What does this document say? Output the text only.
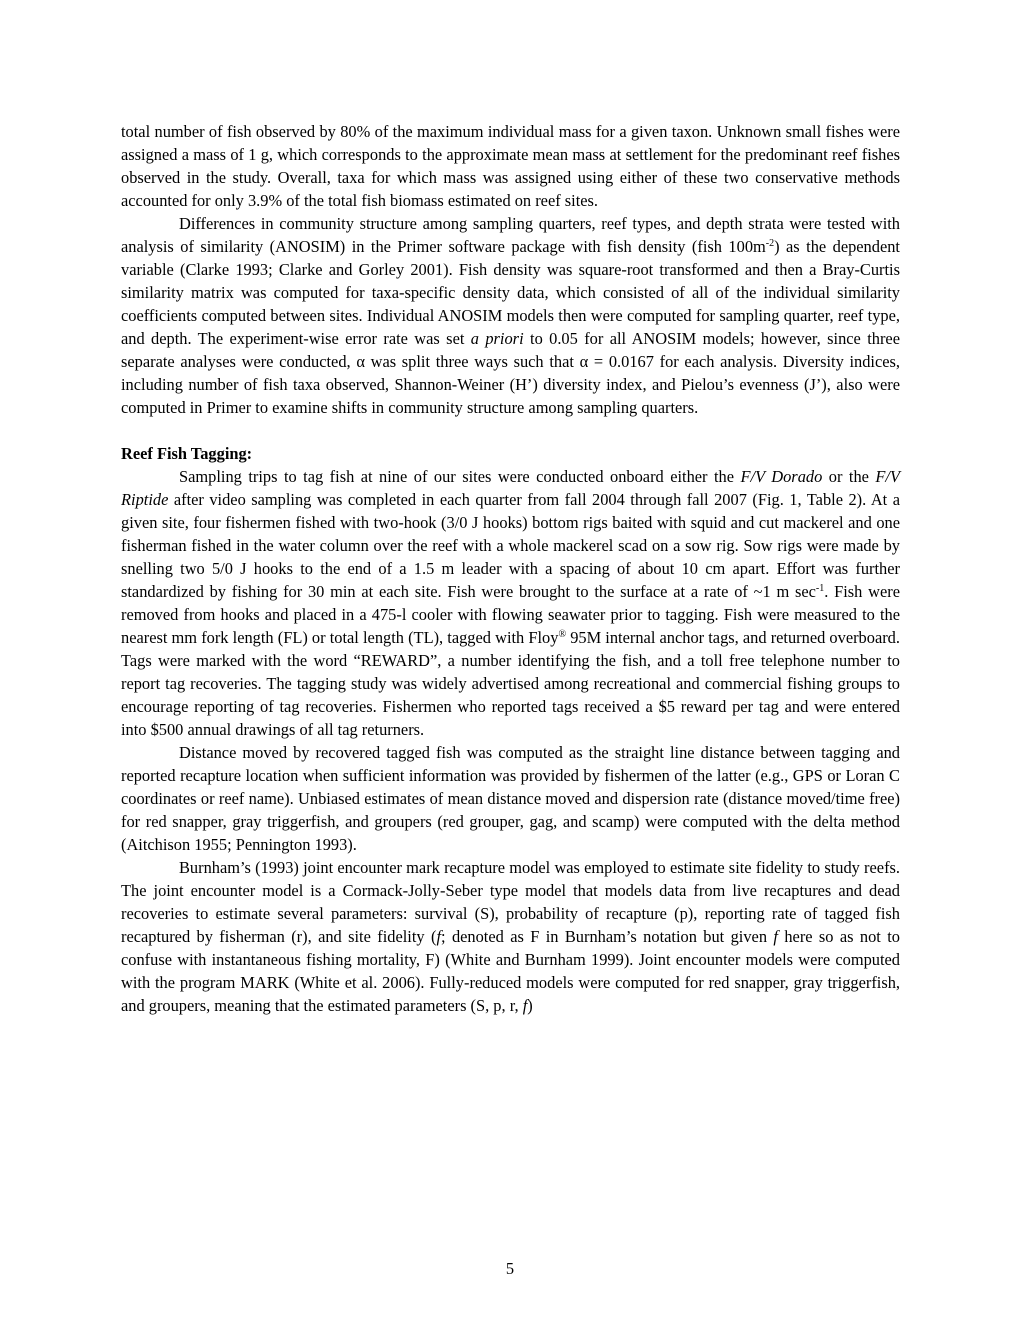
total number of fish observed by 80% of the maximum individual mass for a given taxon. Unknown small fishes were assigned a mass of 1 g, which corresponds to the approximate mean mass at settlement for the predominant reef fishes observed in the study. Overall, taxa for which mass was assigned using either of these two conservative methods accounted for only 3.9% of the total fish biomass estimated on reef sites.

Differences in community structure among sampling quarters, reef types, and depth strata were tested with analysis of similarity (ANOSIM) in the Primer software package with fish density (fish $100m^{-2}$) as the dependent variable (Clarke 1993; Clarke and Gorley 2001). Fish density was square-root transformed and then a Bray-Curtis similarity matrix was computed for taxa-specific density data, which consisted of all of the individual similarity coefficients computed between sites. Individual ANOSIM models then were computed for sampling quarter, reef type, and depth. The experiment-wise error rate was set a priori to 0.05 for all ANOSIM models; however, since three separate analyses were conducted, α was split three ways such that α = 0.0167 for each analysis. Diversity indices, including number of fish taxa observed, Shannon-Weiner (H’) diversity index, and Pielou’s evenness (J’), also were computed in Primer to examine shifts in community structure among sampling quarters.

Reef Fish Tagging:

Sampling trips to tag fish at nine of our sites were conducted onboard either the F/V Dorado or the F/V Riptide after video sampling was completed in each quarter from fall 2004 through fall 2007 (Fig. 1, Table 2). At a given site, four fishermen fished with two-hook (3/0 J hooks) bottom rigs baited with squid and cut mackerel and one fisherman fished in the water column over the reef with a whole mackerel scad on a sow rig. Sow rigs were made by snelling two 5/0 J hooks to the end of a 1.5 m leader with a spacing of about 10 cm apart. Effort was further standardized by fishing for 30 min at each site. Fish were brought to the surface at a rate of ~1 m $\sec^{-1}$. Fish were removed from hooks and placed in a 475-l cooler with flowing seawater prior to tagging. Fish were measured to the nearest mm fork length (FL) or total length (TL), tagged with Floy® 95M internal anchor tags, and returned overboard. Tags were marked with the word “REWARD”, a number identifying the fish, and a toll free telephone number to report tag recoveries. The tagging study was widely advertised among recreational and commercial fishing groups to encourage reporting of tag recoveries. Fishermen who reported tags received a $5 reward per tag and were entered into $500 annual drawings of all tag returners.

Distance moved by recovered tagged fish was computed as the straight line distance between tagging and reported recapture location when sufficient information was provided by fishermen of the latter (e.g., GPS or Loran C coordinates or reef name). Unbiased estimates of mean distance moved and dispersion rate (distance moved/time free) for red snapper, gray triggerfish, and groupers (red grouper, gag, and scamp) were computed with the delta method (Aitchison 1955; Pennington 1993).

Burnham’s (1993) joint encounter mark recapture model was employed to estimate site fidelity to study reefs. The joint encounter model is a Cormack-Jolly-Seber type model that models data from live recaptures and dead recoveries to estimate several parameters: survival (S), probability of recapture (p), reporting rate of tagged fish recaptured by fisherman (r), and site fidelity (f; denoted as F in Burnham’s notation but given f here so as not to confuse with instantaneous fishing mortality, F) (White and Burnham 1999). Joint encounter models were computed with the program MARK (White et al. 2006). Fully-reduced models were computed for red snapper, gray triggerfish, and groupers, meaning that the estimated parameters (S, p, r, f)

5
